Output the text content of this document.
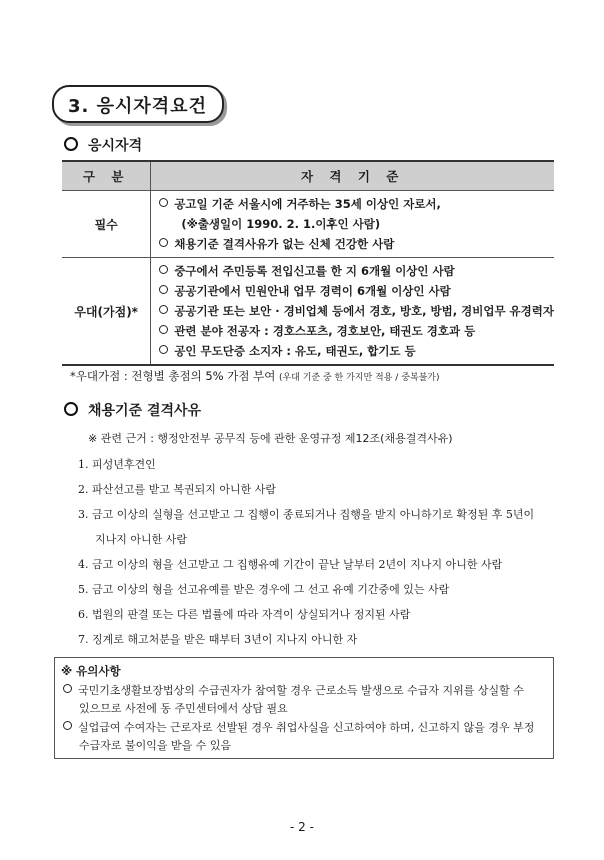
3. 응시자격요건
응시자격
구 분	자 격 기 준
필수	공고일 기준 서울시에 거주하는 35세 이상인 자로서,
(※출생일이 1990. 2. 1.이후인 사람)
채용기준 결격사유가 없는 신체 건강한 사람

우대(가점)*	중구에서 주민등록 전입신고를 한 지 6개월 이상인 사람
공공기관에서 민원안내 업무 경력이 6개월 이상인 사람
공공기관 또는 보안 · 경비업체 등에서 경호, 방호, 방범, 경비업무 유경력자
관련 분야 전공자 : 경호스포츠, 경호보안, 태권도 경호과 등
공인 무도단증 소지자 : 유도, 태권도, 합기도 등
*우대가점 : 전형별 총점의 5% 가점 부여 (우대 기준 중 한 가지만 적용 / 중복불가)
채용기준 결격사유
※ 관련 근거 : 행정안전부 공무직 등에 관한 운영규정 제12조(채용결격사유)
1. 피성년후견인
2. 파산선고를 받고 복권되지 아니한 사람
3. 금고 이상의 실형을 선고받고 그 집행이 종료되거나 집행을 받지 아니하기로 확정된 후 5년이
지나지 아니한 사람
4. 금고 이상의 형을 선고받고 그 집행유예 기간이 끝난 날부터 2년이 지나지 아니한 사람
5. 금고 이상의 형을 선고유예를 받은 경우에 그 선고 유예 기간중에 있는 사람
6. 법원의 판결 또는 다른 법률에 따라 자격이 상실되거나 정지된 사람
7. 징계로 해고처분을 받은 때부터 3년이 지나지 아니한 자
※ 유의사항
국민기초생활보장법상의 수급권자가 참여할 경우 근로소득 발생으로 수급자 지위를 상실할 수
있으므로 사전에 동 주민센터에서 상담 필요
실업급여 수여자는 근로자로 선발된 경우 취업사실을 신고하여야 하며, 신고하지 않을 경우 부정
수급자로 불이익을 받을 수 있음
- 2 -
